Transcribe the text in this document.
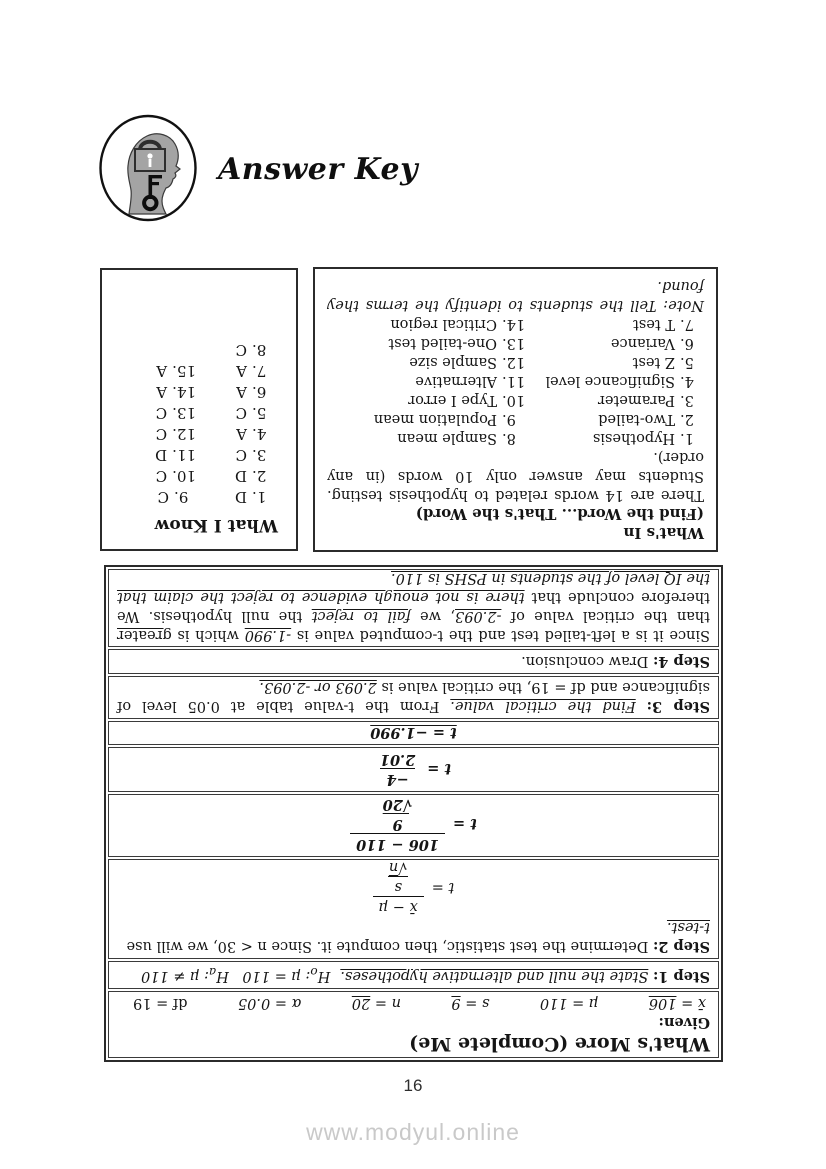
Answer Key
What I Know
1.
D
9.
C
2.
D
10.
C
3.
C
11.
D
4.
A
12.
C
5.
C
13.
C
6.
A
14.
A
7.
A
15.
A
8.
C
What's In
(Find the Word... That's the Word)
There are 14 words related to hypothesis testing. Students may answer only 10 words (in any order).
1.
Hypothesis
8.
Sample mean
2.
Two-tailed
9.
Population mean
3.
Parameter
10.
Type I error
4.
Significance level
11.
Alternative
5.
Z test
12.
Sample size
6.
Variance
13.
One-tailed test
7.
T test
14.
Critical region
Note: Tell the students to identify the terms they found.
What's More (Complete Me)
Given:
x̄ = 106
μ = 110
s = 9
n = 20
α = 0.05
df = 19
Step 1: State the null and alternative hypotheses.
$H_o$: μ = 110
$H_a$: μ ≠ 110
Step 2: Determine the test statistic, then compute it. Since n < 30, we will use
t-test.
t =
x̄ − μ
s
√n
t =
106 − 110
9
√20
t =
−4
2.01
t = −1.990
Step 3: Find the critical value. From the t-value table at 0.05 level of significance and df = 19, the critical value is 2.093 or -2.093.
Step 4: Draw conclusion.
Since it is a left-tailed test and the t-computed value is -1.990 which is greater than the critical value of -2.093, we fail to reject the null hypothesis. We therefore conclude that there is not enough evidence to reject the claim that the IQ level of the students in PSHS is 110.
16
www.modyul.online
